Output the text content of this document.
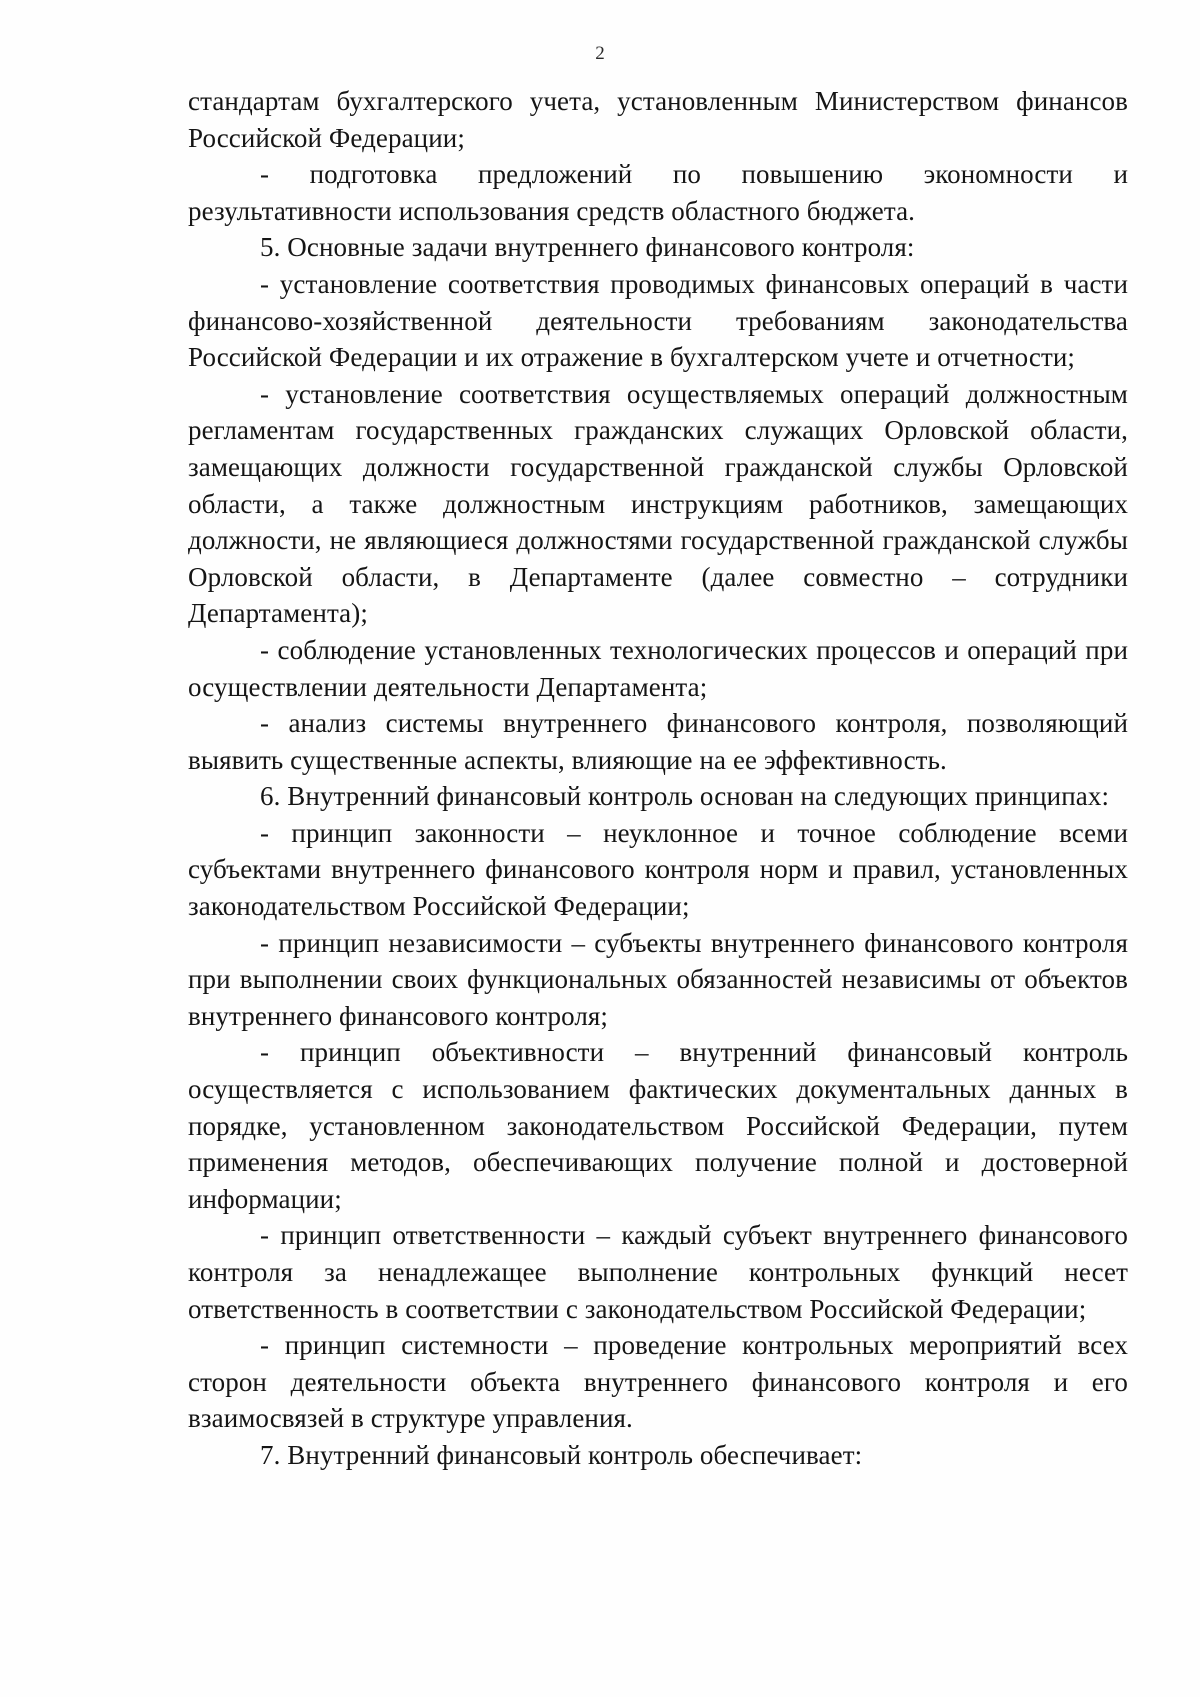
2

стандартам бухгалтерского учета, установленным Министерством финансов Российской Федерации;

- подготовка предложений по повышению экономности и результативности использования средств областного бюджета.

5. Основные задачи внутреннего финансового контроля:

- установление соответствия проводимых финансовых операций в части финансово-хозяйственной деятельности требованиям законодательства Российской Федерации и их отражение в бухгалтерском учете и отчетности;

- установление соответствия осуществляемых операций должностным регламентам государственных гражданских служащих Орловской области, замещающих должности государственной гражданской службы Орловской области, а также должностным инструкциям работников, замещающих должности, не являющиеся должностями государственной гражданской службы Орловской области, в Департаменте (далее совместно – сотрудники Департамента);

- соблюдение установленных технологических процессов и операций при осуществлении деятельности Департамента;

- анализ системы внутреннего финансового контроля, позволяющий выявить существенные аспекты, влияющие на ее эффективность.

6. Внутренний финансовый контроль основан на следующих принципах:

- принцип законности – неуклонное и точное соблюдение всеми субъектами внутреннего финансового контроля норм и правил, установленных законодательством Российской Федерации;

- принцип независимости – субъекты внутреннего финансового контроля при выполнении своих функциональных обязанностей независимы от объектов внутреннего финансового контроля;

- принцип объективности – внутренний финансовый контроль осуществляется с использованием фактических документальных данных в порядке, установленном законодательством Российской Федерации, путем применения методов, обеспечивающих получение полной и достоверной информации;

- принцип ответственности – каждый субъект внутреннего финансового контроля за ненадлежащее выполнение контрольных функций несет ответственность в соответствии с законодательством Российской Федерации;

- принцип системности – проведение контрольных мероприятий всех сторон деятельности объекта внутреннего финансового контроля и его взаимосвязей в структуре управления.

7. Внутренний финансовый контроль обеспечивает:
